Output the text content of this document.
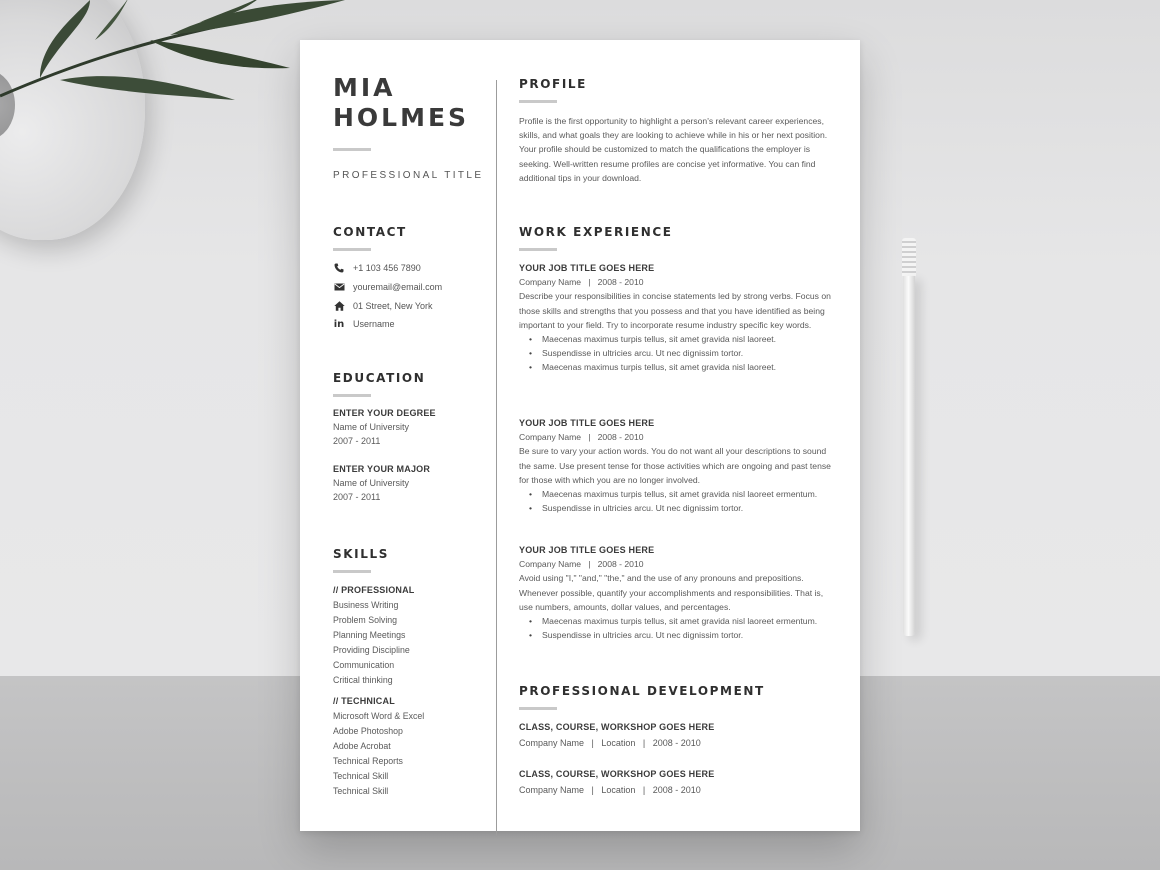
MIA
HOLMES
PROFESSIONAL TITLE
CONTACT
+1 103 456 7890
youremail@email.com
01 Street, New York
in Username
EDUCATION
ENTER YOUR DEGREE
Name of University
2007 - 2011
ENTER YOUR MAJOR
Name of University
2007 - 2011
SKILLS
// PROFESSIONAL
Business Writing
Problem Solving
Planning Meetings
Providing Discipline
Communication
Critical thinking
// TECHNICAL
Microsoft Word & Excel
Adobe Photoshop
Adobe Acrobat
Technical Reports
Technical Skill
Technical Skill
PROFILE
Profile is the first opportunity to highlight a person's relevant career experiences, skills, and what goals they are looking to achieve while in his or her next position. Your profile should be customized to match the qualifications the employer is seeking. Well-written resume profiles are concise yet informative. You can find additional tips in your download.
WORK EXPERIENCE
YOUR JOB TITLE GOES HERE
Company Name   |   2008 - 2010
Describe your responsibilities in concise statements led by strong verbs. Focus on those skills and strengths that you possess and that you have identified as being important to your field. Try to incorporate resume industry specific key words.
• Maecenas maximus turpis tellus, sit amet gravida nisl laoreet.
• Suspendisse in ultricies arcu. Ut nec dignissim tortor.
• Maecenas maximus turpis tellus, sit amet gravida nisl laoreet.
YOUR JOB TITLE GOES HERE
Company Name   |   2008 - 2010
Be sure to vary your action words. You do not want all your descriptions to sound the same. Use present tense for those activities which are ongoing and past tense for those with which you are no longer involved.
• Maecenas maximus turpis tellus, sit amet gravida nisl laoreet ermentum.
• Suspendisse in ultricies arcu. Ut nec dignissim tortor.
YOUR JOB TITLE GOES HERE
Company Name   |   2008 - 2010
Avoid using "I," "and," "the," and the use of any pronouns and prepositions. Whenever possible, quantify your accomplishments and responsibilities. That is, use numbers, amounts, dollar values, and percentages.
• Maecenas maximus turpis tellus, sit amet gravida nisl laoreet ermentum.
• Suspendisse in ultricies arcu. Ut nec dignissim tortor.
PROFESSIONAL DEVELOPMENT
CLASS, COURSE, WORKSHOP GOES HERE
Company Name   |   Location   |   2008 - 2010
CLASS, COURSE, WORKSHOP GOES HERE
Company Name   |   Location   |   2008 - 2010
